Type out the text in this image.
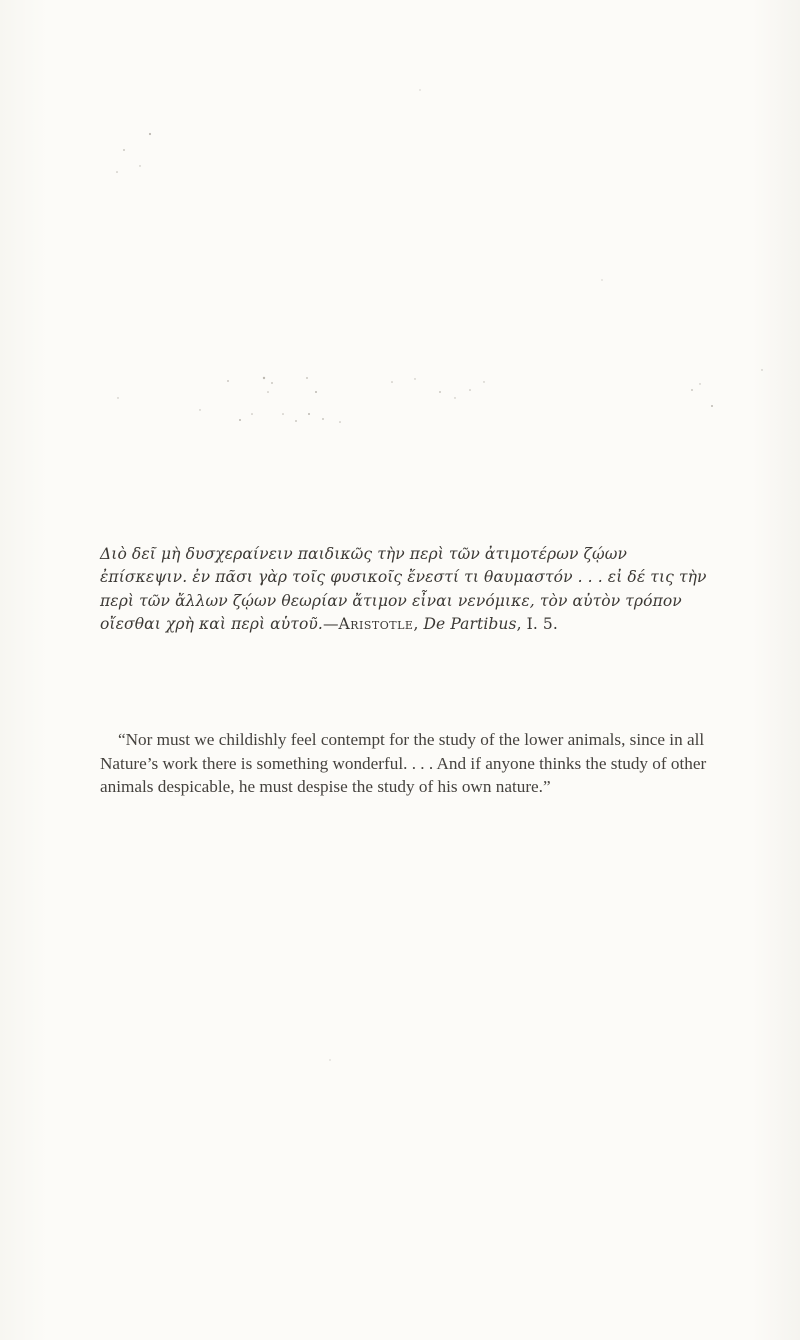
Διὸ δεῖ μὴ δυσχεραίνειν παιδικῶς τὴν περὶ τῶν ἀτιμοτέρων ζῴων ἐπίσκεψιν. ἐν πᾶσι γὰρ τοῖς φυσικοῖς ἔνεστί τι θαυμαστόν . . . εἰ δέ τις τὴν περὶ τῶν ἄλλων ζῴων θεωρίαν ἄτιμον εἶναι νενόμικε, τὸν αὐτὸν τρόπον οἴεσθαι χρὴ καὶ περὶ αὑτοῦ.—Aristotle, De Partibus, I. 5.

“Nor must we childishly feel contempt for the study of the lower animals, since in all Nature’s work there is something wonderful. . . . And if anyone thinks the study of other animals despicable, he must despise the study of his own nature.”
